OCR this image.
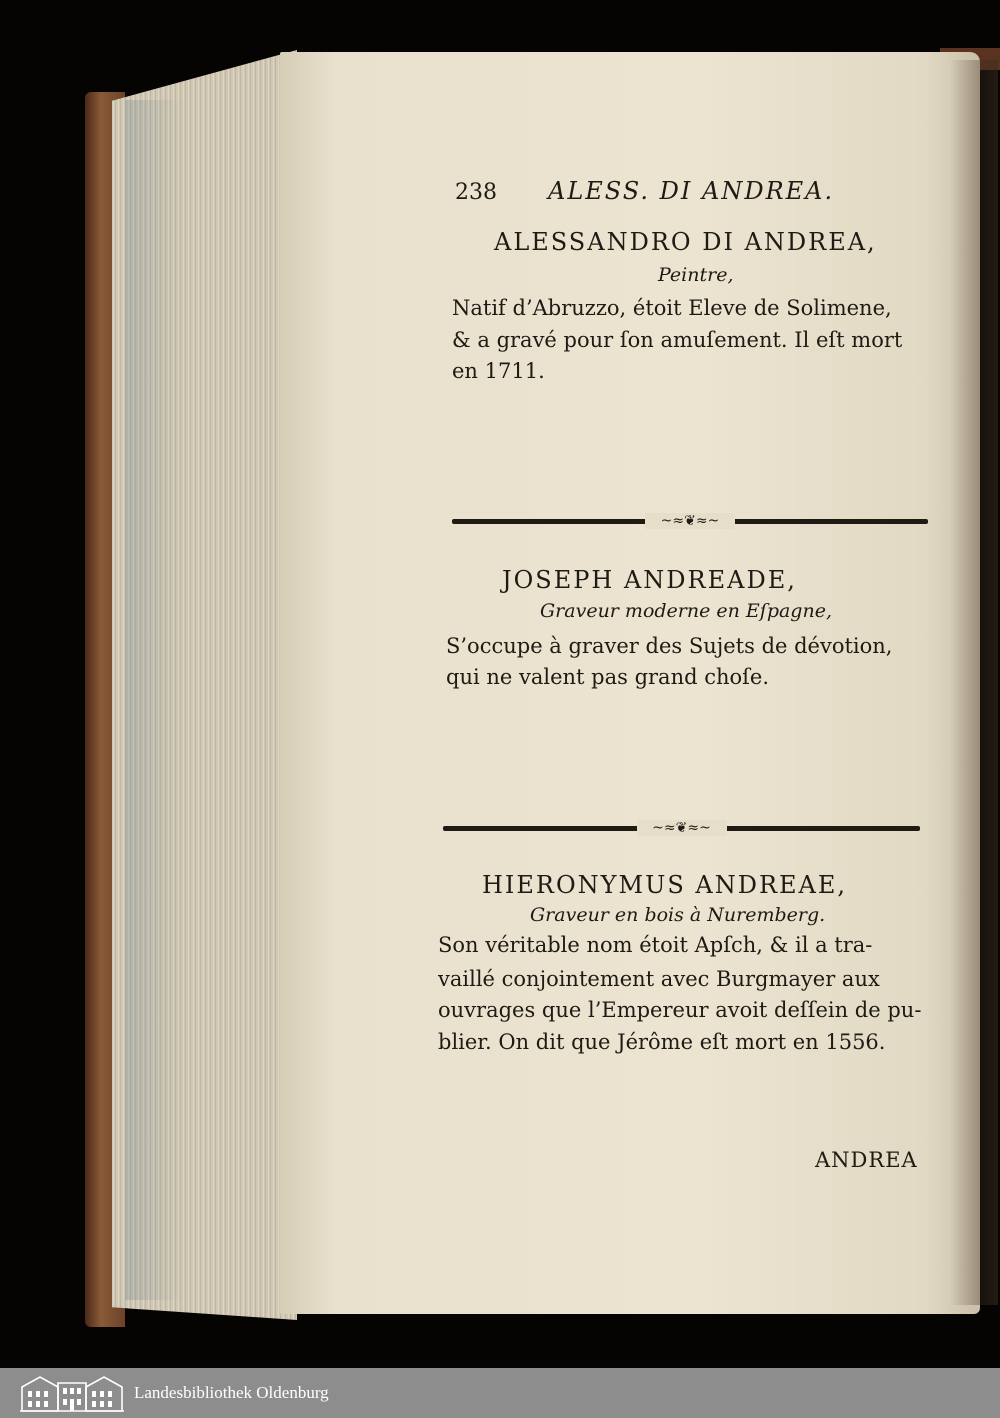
238 ALESS. DI ANDREA.
ALESSANDRO DI ANDREA,
Peintre,
Natif d’Abruzzo, étoit Eleve de Solimene,
& a gravé pour ſon amuſement. Il eſt mort
en 1711.
~≈❦≈~
JOSEPH ANDREADE,
Graveur moderne en Eſpagne,
S’occupe à graver des Sujets de dévotion,
qui ne valent pas grand choſe.
~≈❦≈~
HIERONYMUS ANDREAE,
Graveur en bois à Nuremberg.
Son véritable nom étoit Apſch, & il a tra-
vaillé conjointement avec Burgmayer aux
ouvrages que l’Empereur avoit deſſein de pu-
blier. On dit que Jérôme eſt mort en 1556.
ANDREA
Landesbibliothek Oldenburg
